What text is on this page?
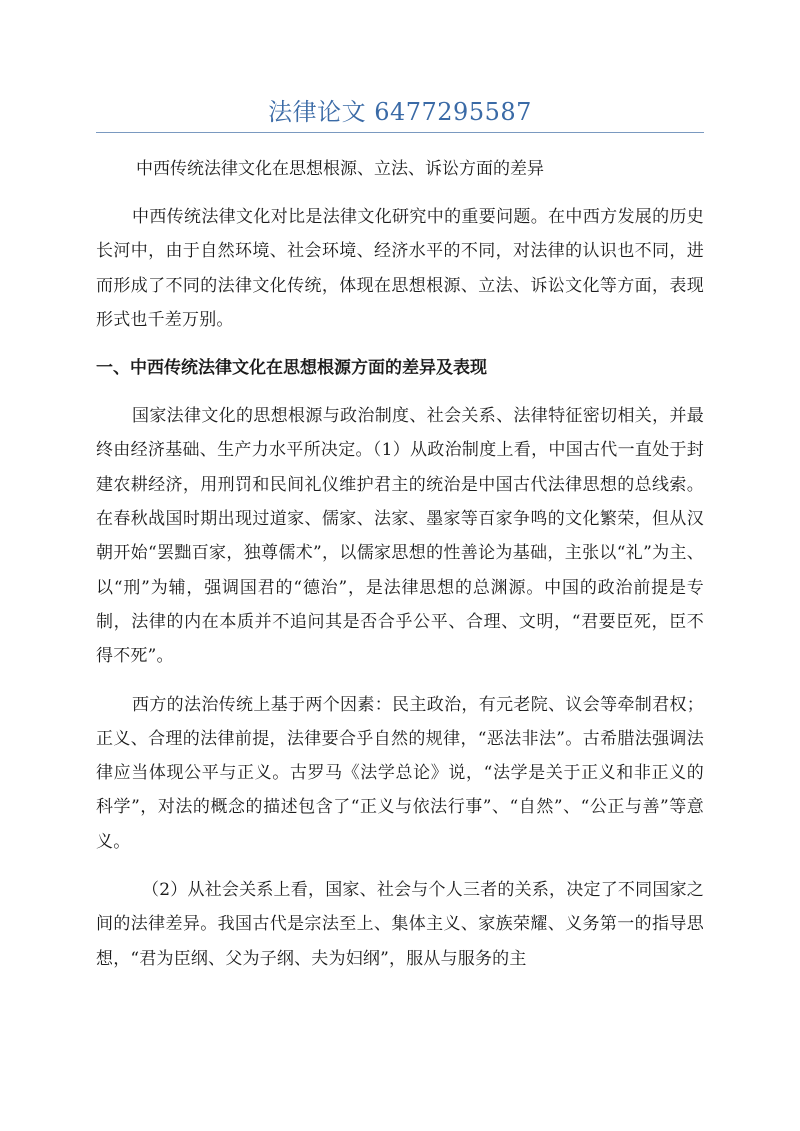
法律论文 6477295587

中西传统法律文化在思想根源、立法、诉讼方面的差异

中西传统法律文化对比是法律文化研究中的重要问题。在中西方发展的历史长河中，由于自然环境、社会环境、经济水平的不同，对法律的认识也不同，进而形成了不同的法律文化传统，体现在思想根源、立法、诉讼文化等方面，表现形式也千差万别。

一、中西传统法律文化在思想根源方面的差异及表现

国家法律文化的思想根源与政治制度、社会关系、法律特征密切相关，并最终由经济基础、生产力水平所决定。（1）从政治制度上看，中国古代一直处于封建农耕经济，用刑罚和民间礼仪维护君主的统治是中国古代法律思想的总线索。在春秋战国时期出现过道家、儒家、法家、墨家等百家争鸣的文化繁荣，但从汉朝开始“罢黜百家，独尊儒术”，以儒家思想的性善论为基础，主张以“礼”为主、以“刑”为辅，强调国君的“德治”，是法律思想的总渊源。中国的政治前提是专制，法律的内在本质并不追问其是否合乎公平、合理、文明，“君要臣死，臣不得不死”。

西方的法治传统上基于两个因素：民主政治，有元老院、议会等牵制君权；正义、合理的法律前提，法律要合乎自然的规律，“恶法非法”。古希腊法强调法律应当体现公平与正义。古罗马《法学总论》说，“法学是关于正义和非正义的科学”，对法的概念的描述包含了“正义与依法行事”、“自然”、“公正与善”等意义。

（2）从社会关系上看，国家、社会与个人三者的关系，决定了不同国家之间的法律差异。我国古代是宗法至上、集体主义、家族荣耀、义务第一的指导思想，“君为臣纲、父为子纲、夫为妇纲”，服从与服务的主
